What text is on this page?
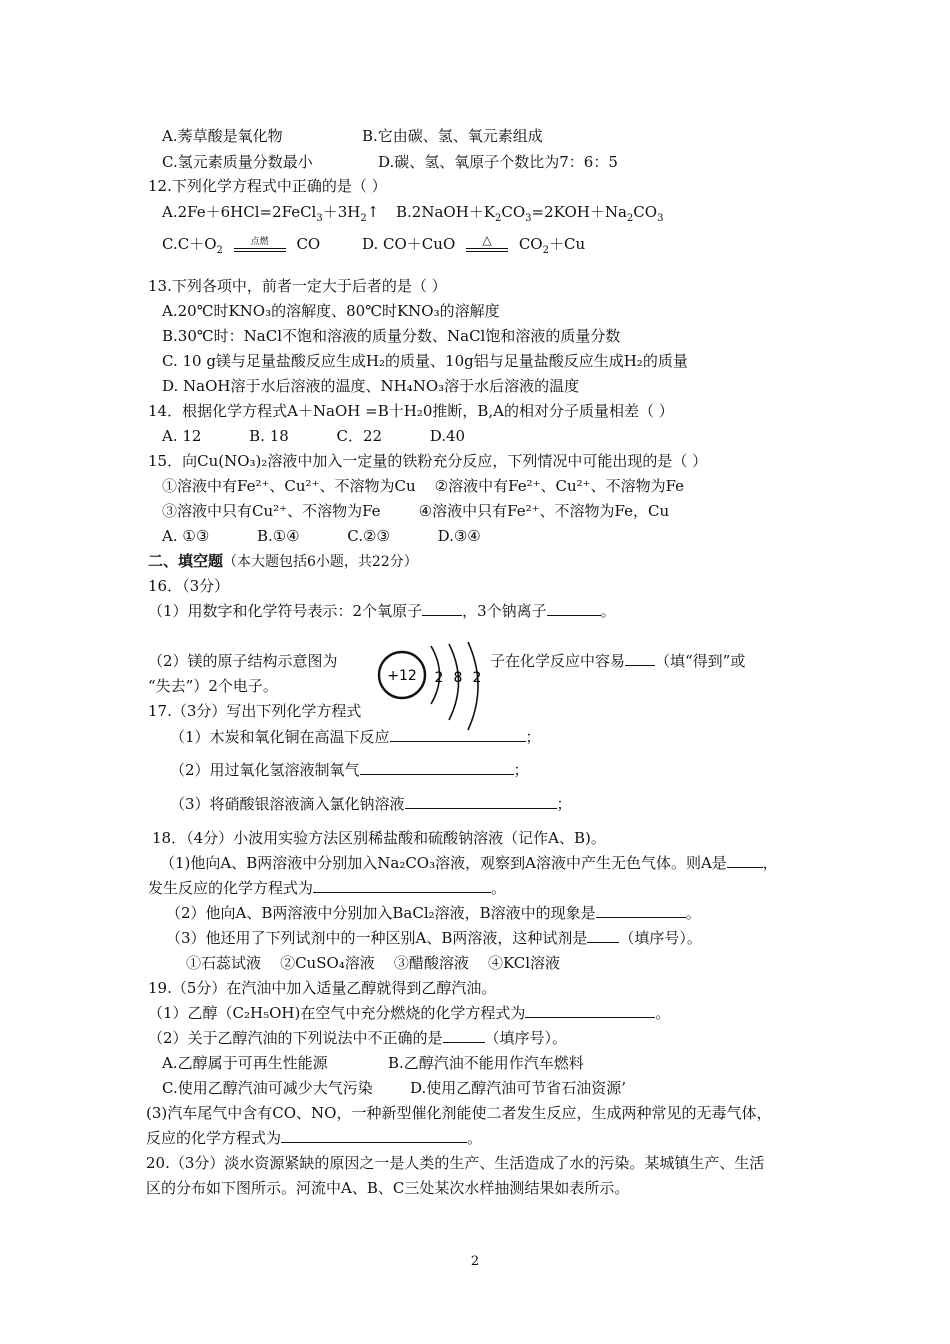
A.莠草酸是氧化物	B.它由碳、氢、氧元素组成
C.氢元素质量分数最小	D.碳、氢、氧原子个数比为7：6：5
12.下列化学方程式中正确的是（ ）
$A.2Fe+6HCl=2FeCl_3+3H_2↑$ $B.2NaOH+K_2CO_3=2KOH+Na_2CO_3$
$C.C+O_2$
点燃	CO	D. CO＋CuO	△	$CO_2+Cu$
13.下列各项中，前者一定大于后者的是（ ）
A.20℃时KNO₃的溶解度、80℃时KNO₃的溶解度
B.30℃时：NaCl不饱和溶液的质量分数、NaCl饱和溶液的质量分数
C. 10 g镁与足量盐酸反应生成H₂的质量、10g铝与足量盐酸反应生成H₂的质量
D. NaOH溶于水后溶液的温度、NH₄NO₃溶于水后溶液的温度
14．根据化学方程式A＋NaOH =B十H₂0推断，B,A的相对分子质量相差（ ）
A. 12          B. 18          C．22          D.40
15．向Cu(NO₃)₂溶液中加入一定量的铁粉充分反应，下列情况中可能出现的是（ ）
①溶液中有Fe²⁺、Cu²⁺、不溶物为Cu    ②溶液中有Fe²⁺、Cu²⁺、不溶物为Fe
③溶液中只有Cu²⁺、不溶物为Fe        ④溶液中只有Fe²⁺、不溶物为Fe，Cu
A. ①③          B.①④          C.②③          D.③④
二、填空题（本大题包括6小题，共22分）
16．（3分）
（1）用数字和化学符号表示：2个氧原子	，3个钠离子	。
（2）镁的原子结构示意图为	子在化学反应中容易 （填“得到”或
“失去”）2个电子。
+12 2 8 2
17.（3分）写出下列化学方程式
（1）木炭和氧化铜在高温下反应	；
（2）用过氧化氢溶液制氧气	；
（3）将硝酸银溶液滴入氯化钠溶液	；
18．（4分）小波用实验方法区别稀盐酸和硫酸钠溶液（记作A、B)。
（1)他向A、B两溶液中分别加入Na₂CO₃溶液，观察到A溶液中产生无色气体。则A是 ，
发生反应的化学方程式为	。
（2）他向A、B两溶液中分别加入BaCl₂溶液，B溶液中的现象是	。
（3）他还用了下列试剂中的一种区别A、B两溶液，这种试剂是 （填序号）。
①石蕊试液    ②CuSO₄溶液    ③醋酸溶液    ④KCl溶液
19.（5分）在汽油中加入适量乙醇就得到乙醇汽油。
（1）乙醇（C₂H₅OH)在空气中充分燃烧的化学方程式为	。
（2）关于乙醇汽油的下列说法中不正确的是	（填序号）。
A.乙醇属于可再生性能源	B.乙醇汽油不能用作汽车燃料
C.使用乙醇汽油可减少大气污染 D.使用乙醇汽油可节省石油资源’
(3)汽车尾气中含有CO、NO，一种新型催化剂能使二者发生反应，生成两种常见的无毒气体，
反应的化学方程式为	。
20.（3分）淡水资源紧缺的原因之一是人类的生产、生活造成了水的污染。某城镇生产、生活
区的分布如下图所示。河流中A、B、C三处某次水样抽测结果如表所示。
2
